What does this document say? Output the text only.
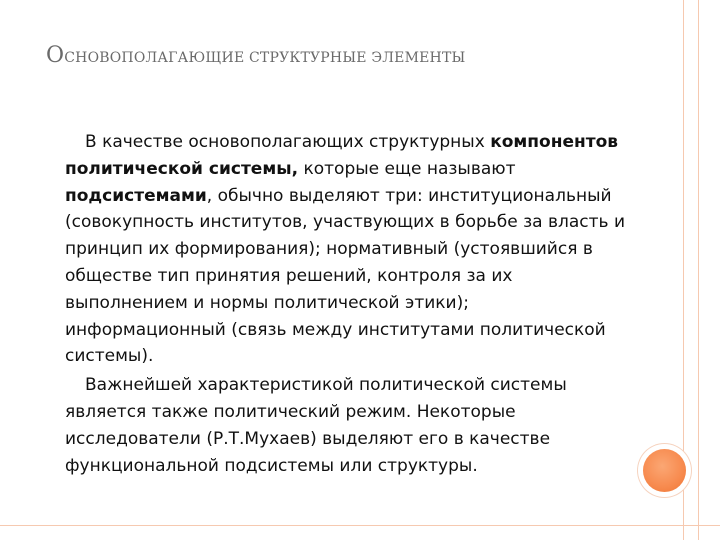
ОСНОВОПОЛАГАЮЩИЕ СТРУКТУРНЫЕ ЭЛЕМЕНТЫ

В качестве основополагающих структурных компонентов политической системы, которые еще называют подсистемами, обычно выделяют три: институциональный (совокупность институтов, участвующих в борьбе за власть и принцип их формирования); нормативный (устоявшийся в обществе тип принятия решений, контроля за их выполнением и нормы политической этики); информационный (связь между институтами политической системы).

Важнейшей характеристикой политической системы является также политический режим. Некоторые исследователи (Р.Т.Мухаев) выделяют его в качестве функциональной подсистемы или структуры.
